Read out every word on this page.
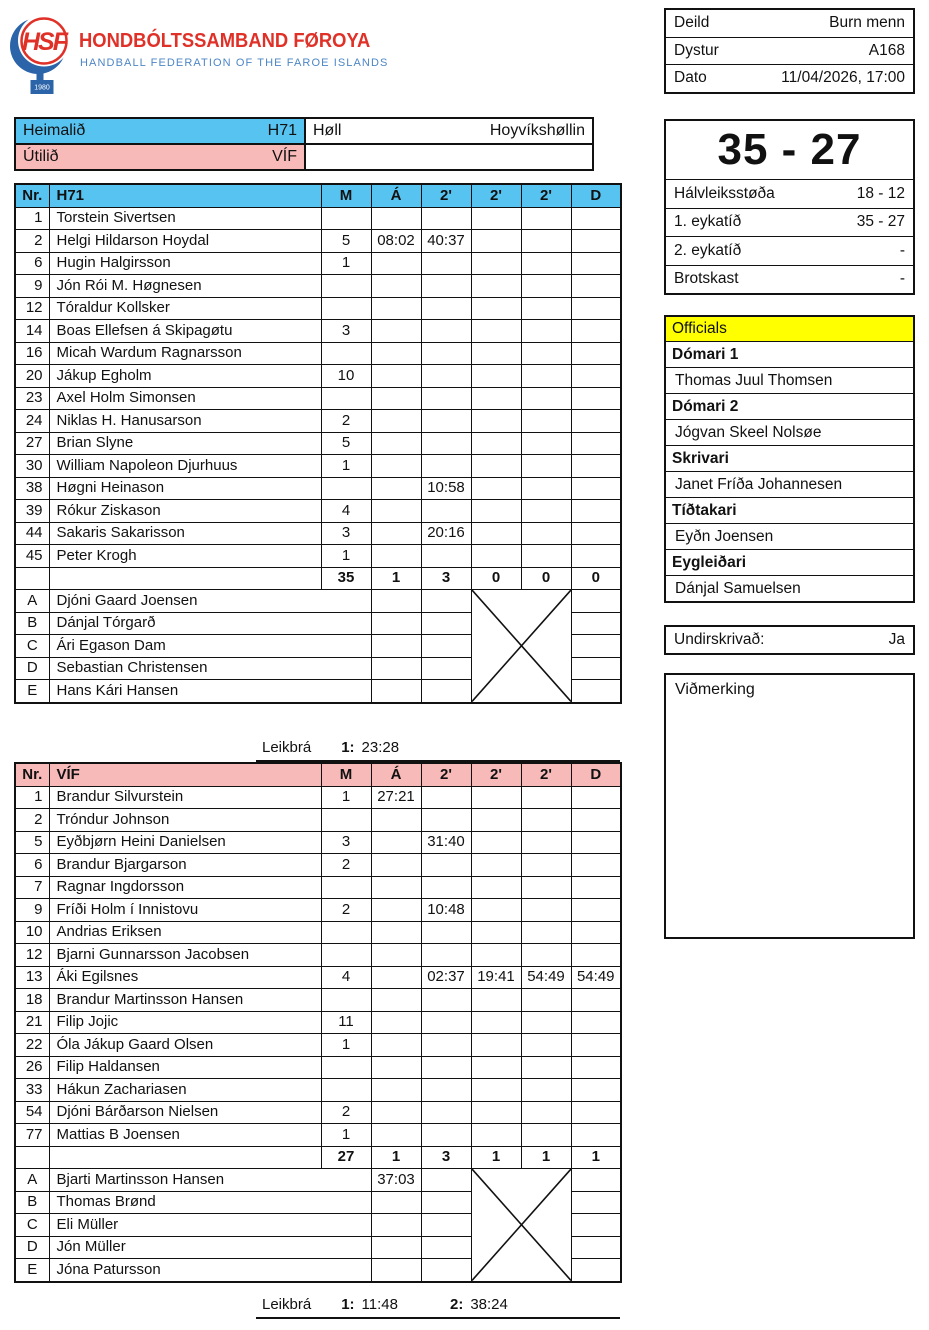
HSF
1980
HONDBÓLTSSAMBAND FØROYA
HANDBALL FEDERATION OF THE FAROE ISLANDS
Deild	Burn menn
Dystur	A168
Dato	11/04/2026, 17:00
Heimalið H71	Høll Hoyvíkshøllin

Útilið VÍF	

Nr.	H71	M	Á	2'	2'	2'	D
1	Torstein Sivertsen						
2	Helgi Hildarson Hoydal	5	08:02	40:37			
6	Hugin Halgirsson	1					
9	Jón Rói M. Høgnesen						
12	Tóraldur Kollsker						
14	Boas Ellefsen á Skipagøtu	3					
16	Micah Wardum Ragnarsson						
20	Jákup Egholm	10					
23	Axel Holm Simonsen						
24	Niklas H. Hanusarson	2					
27	Brian Slyne	5					
30	William Napoleon Djurhuus	1					
38	Høgni Heinason			10:58			
39	Rókur Ziskason	4					
44	Sakaris Sakarisson	3		20:16			
45	Peter Krogh	1					
		35	1	3	0	0	0
A	Djóni Gaard Joensen			

B	Dánjal Tórgarð						
C	Ári Egason Dam						
D	Sebastian Christensen						
E	Hans Kári Hansen						
Leikbrá 1: 23:28
Nr.	VÍF	M	Á	2'	2'	2'	D
1	Brandur Silvurstein	1	27:21				
2	Tróndur Johnson						
5	Eyðbjørn Heini Danielsen	3		31:40			
6	Brandur Bjargarson	2					
7	Ragnar Ingdorsson						
9	Fríði Holm í Innistovu	2		10:48			
10	Andrias Eriksen						
12	Bjarni Gunnarsson Jacobsen						
13	Áki Egilsnes	4		02:37	19:41	54:49	54:49
18	Brandur Martinsson Hansen						
21	Filip Jojic	11					
22	Óla Jákup Gaard Olsen	1					
26	Filip Haldansen						
33	Hákun Zachariasen						
54	Djóni Bárðarson Nielsen	2					
77	Mattias B Joensen	1					
		27	1	3	1	1	1
A	Bjarti Martinsson Hansen		37:03		

B	Thomas Brønd						
C	Eli Müller						
D	Jón Müller						
E	Jóna Patursson						
Leikbrá 1: 11:48	2: 38:24
35 - 27
Hálvleiksstøða	18 - 12
1. eykatíð	35 - 27
2. eykatíð	-
Brotskast	-
Officials
Dómari 1
Thomas Juul Thomsen
Dómari 2
Jógvan Skeel Nolsøe
Skrivari
Janet Fríða Johannesen
Tíðtakari
Eyðn Joensen
Eygleiðari
Dánjal Samuelsen
Undirskrivað:	Ja
Viðmerking
